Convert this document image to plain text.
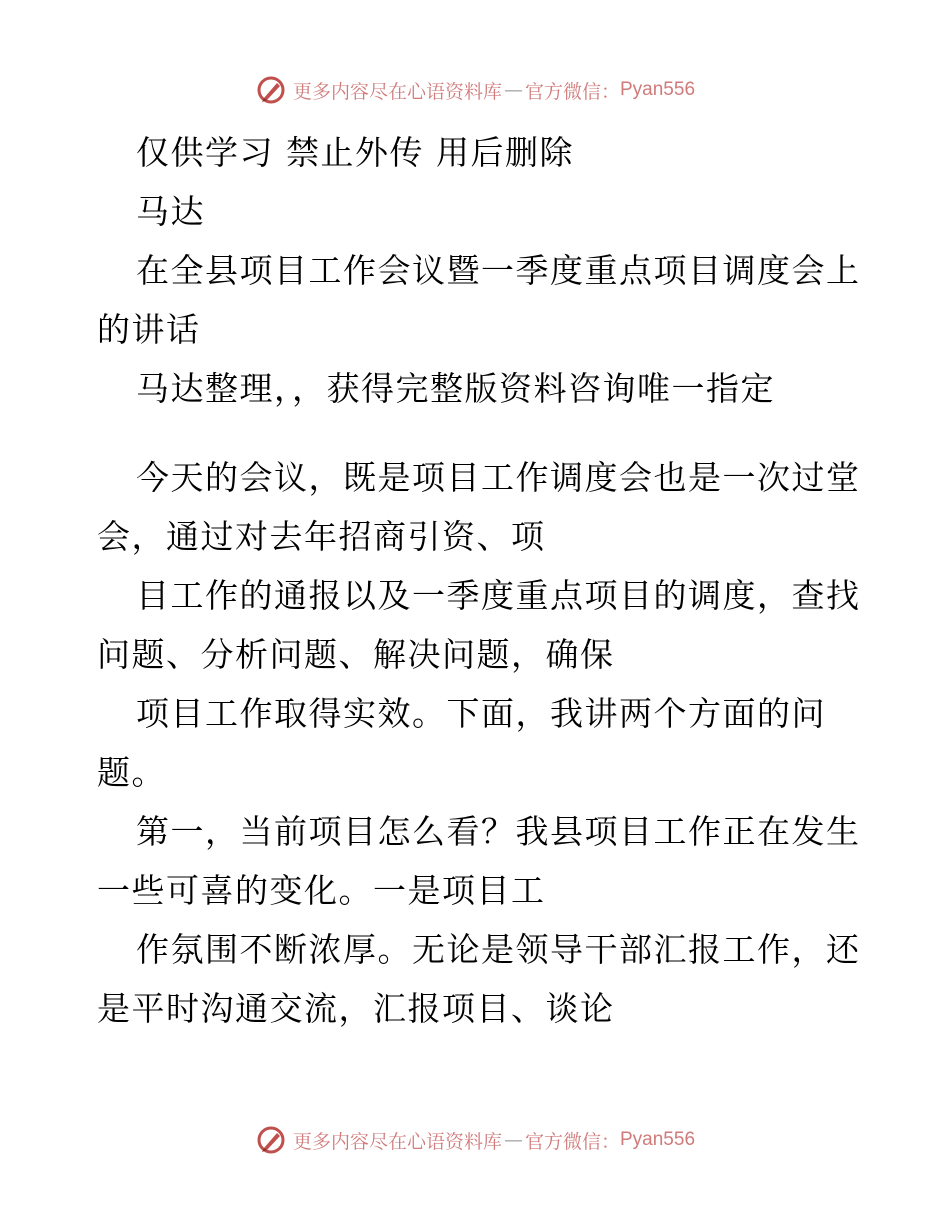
更多内容尽在心语资料库 — 官方微信： Pyan556

仅供学习 禁止外传 用后删除

马达

在全县项目工作会议暨一季度重点项目调度会上的讲话

马达整理，，获得完整版资料咨询唯一指定

今天的会议，既是项目工作调度会也是一次过堂会，通过对去年招商引资、项

目工作的通报以及一季度重点项目的调度，查找问题、分析问题、解决问题，确保

项目工作取得实效。下面，我讲两个方面的问题。

第一，当前项目怎么看？我县项目工作正在发生一些可喜的变化。一是项目工

作氛围不断浓厚。无论是领导干部汇报工作，还是平时沟通交流，汇报项目、谈论

更多内容尽在心语资料库 — 官方微信： Pyan556
